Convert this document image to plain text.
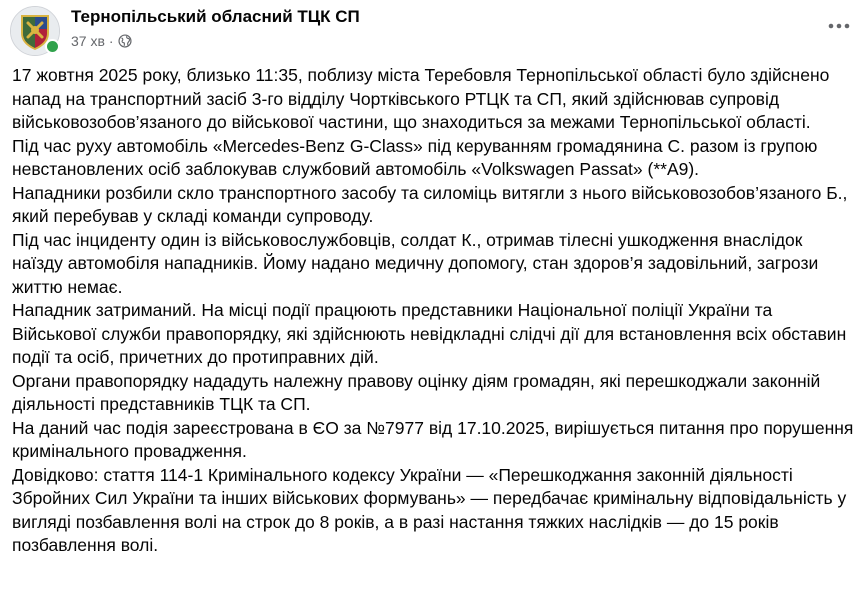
Тернопільський обласний ТЦК СП
37 хв ·

17 жовтня 2025 року, близько 11:35, поблизу міста Теребовля Тернопільської області було здійснено напад на транспортний засіб 3-го відділу Чортківського РТЦК та СП, який здійснював супровід військовозобов’язаного до військової частини, що знаходиться за межами Тернопільської області.

Під час руху автомобіль «Mercedes-Benz G-Class» під керуванням громадянина С. разом із групою невстановлених осіб заблокував службовий автомобіль «Volkswagen Passat» (**А9).

Нападники розбили скло транспортного засобу та силоміць витягли з нього військовозобов’язаного Б., який перебував у складі команди супроводу.

Під час інциденту один із військовослужбовців, солдат К., отримав тілесні ушкодження внаслідок наїзду автомобіля нападників. Йому надано медичну допомогу, стан здоров’я задовільний, загрози життю немає.

Нападник затриманий. На місці події працюють представники Національної поліції України та Військової служби правопорядку, які здійснюють невідкладні слідчі дії для встановлення всіх обставин події та осіб, причетних до протиправних дій.

Органи правопорядку нададуть належну правову оцінку діям громадян, які перешкоджали законній діяльності представників ТЦК та СП.

На даний час подія зареєстрована в ЄО за №7977 від 17.10.2025, вирішується питання про порушення кримінального провадження.

Довідково: стаття 114-1 Кримінального кодексу України — «Перешкоджання законній діяльності Збройних Сил України та інших військових формувань» — передбачає кримінальну відповідальність у вигляді позбавлення волі на строк до 8 років, а в разі настання тяжких наслідків — до 15 років позбавлення волі.
